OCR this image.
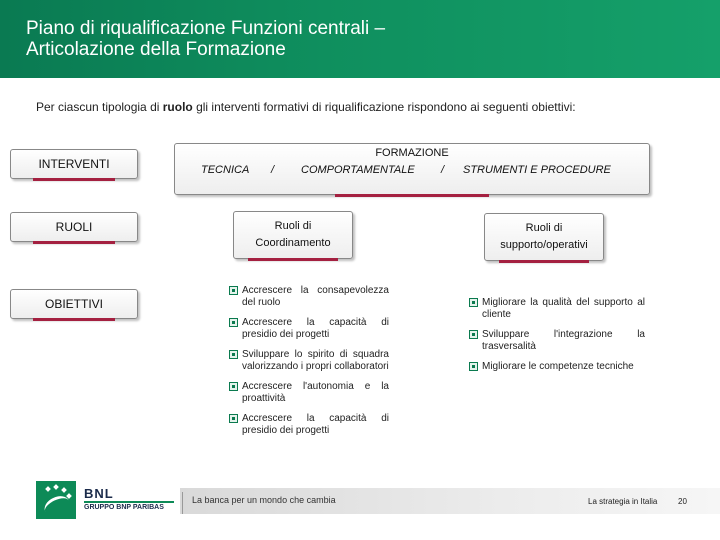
Piano di riqualificazione Funzioni centrali –
Articolazione della Formazione
Per ciascun tipologia di ruolo gli interventi formativi di riqualificazione rispondono ai seguenti obiettivi:
INTERVENTI
RUOLI
OBIETTIVI
FORMAZIONE
TECNICA / COMPORTAMENTALE / STRUMENTI E PROCEDURE
Ruoli di
Coordinamento
Ruoli di
supporto/operativi
Accrescere la consapevolezza del ruolo
Accrescere la capacità di presidio dei progetti
Sviluppare lo spirito di squadra valorizzando i propri collaboratori
Accrescere l'autonomia e la proattività
Accrescere la capacità di presidio dei progetti
Migliorare la qualità del supporto al cliente
Sviluppare l'integrazione la trasversalità
Migliorare le competenze tecniche
BNL
GRUPPO BNP PARIBAS
La banca per un mondo che cambia	La strategia in Italia	20
